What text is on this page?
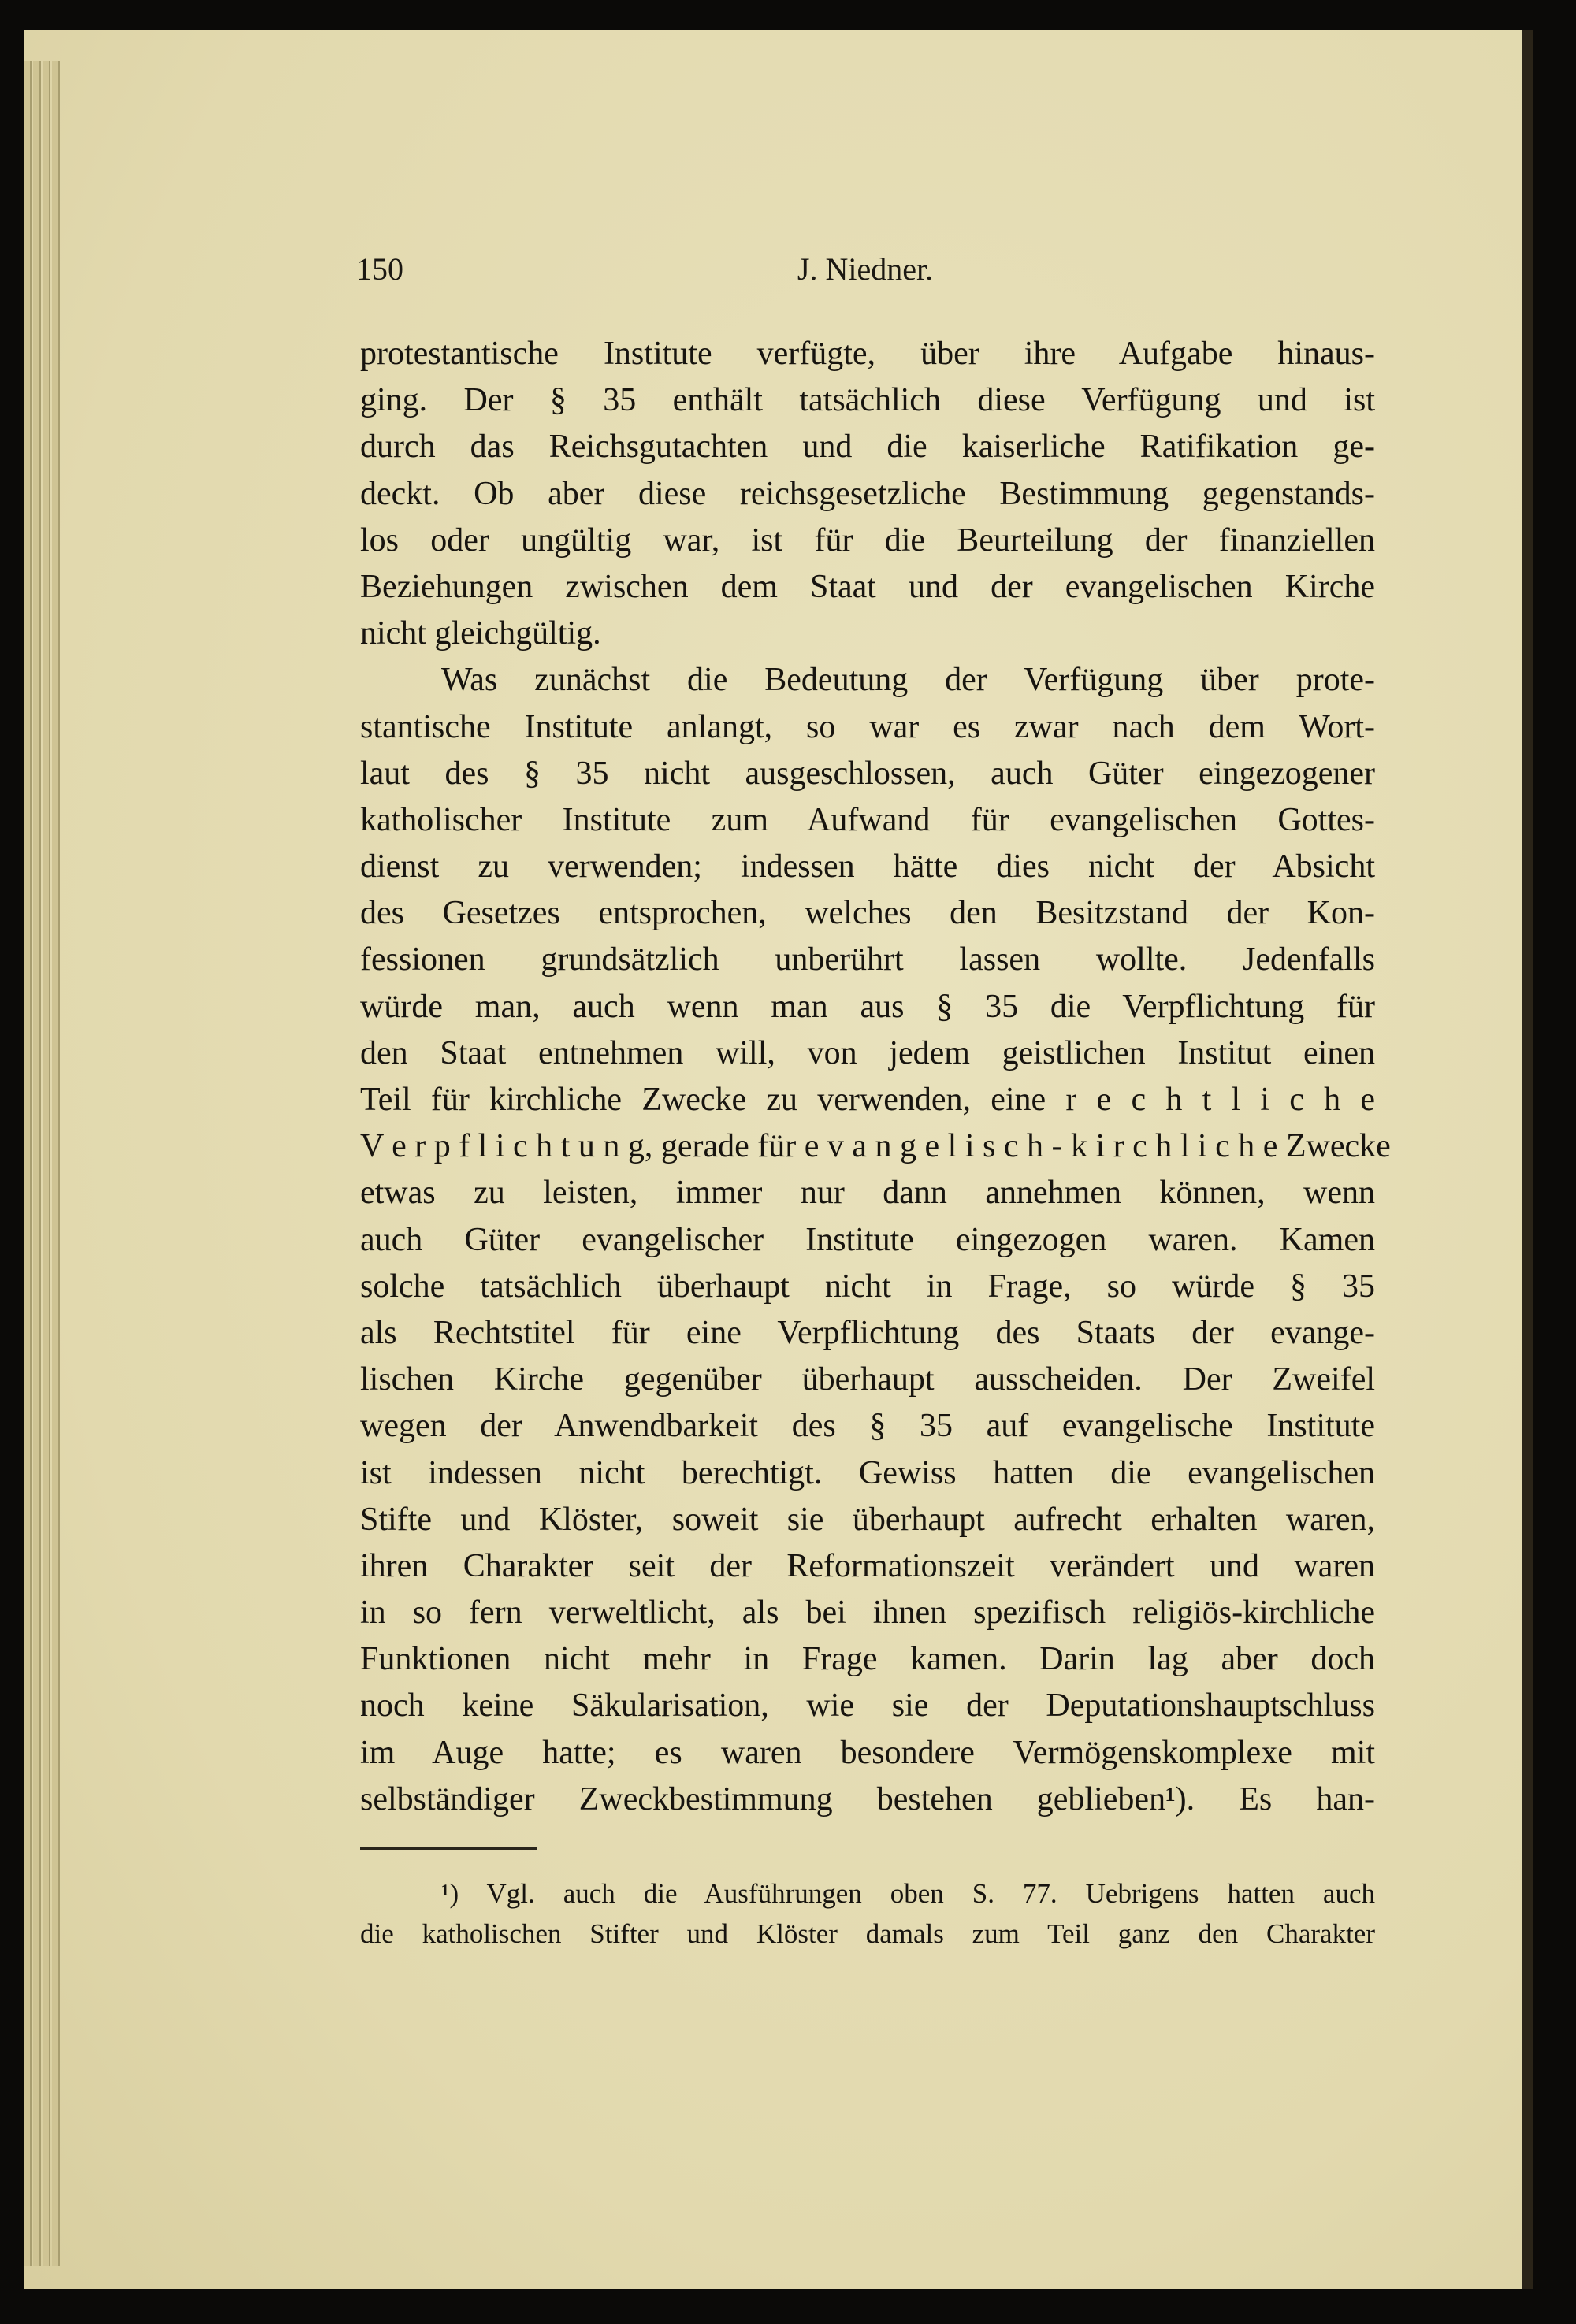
150	J. Niedner.
protestantische Institute verfügte, über ihre Aufgabe hinaus-
ging. Der § 35 enthält tatsächlich diese Verfügung und ist
durch das Reichsgutachten und die kaiserliche Ratifikation ge-
deckt. Ob aber diese reichsgesetzliche Bestimmung gegenstands-
los oder ungültig war, ist für die Beurteilung der finanziellen
Beziehungen zwischen dem Staat und der evangelischen Kirche
nicht gleichgültig.
Was zunächst die Bedeutung der Verfügung über prote-
stantische Institute anlangt, so war es zwar nach dem Wort-
laut des § 35 nicht ausgeschlossen, auch Güter eingezogener
katholischer Institute zum Aufwand für evangelischen Gottes-
dienst zu verwenden; indessen hätte dies nicht der Absicht
des Gesetzes entsprochen, welches den Besitzstand der Kon-
fessionen grundsätzlich unberührt lassen wollte. Jedenfalls
würde man, auch wenn man aus § 35 die Verpflichtung für
den Staat entnehmen will, von jedem geistlichen Institut einen
Teil für kirchliche Zwecke zu verwenden, eine r e c h t l i c h e
V e r p f l i c h t u n g, gerade für e v a n g e l i s c h - k i r c h l i c h e Zwecke
etwas zu leisten, immer nur dann annehmen können, wenn
auch Güter evangelischer Institute eingezogen waren. Kamen
solche tatsächlich überhaupt nicht in Frage, so würde § 35
als Rechtstitel für eine Verpflichtung des Staats der evange-
lischen Kirche gegenüber überhaupt ausscheiden. Der Zweifel
wegen der Anwendbarkeit des § 35 auf evangelische Institute
ist indessen nicht berechtigt. Gewiss hatten die evangelischen
Stifte und Klöster, soweit sie überhaupt aufrecht erhalten waren,
ihren Charakter seit der Reformationszeit verändert und waren
in so fern verweltlicht, als bei ihnen spezifisch religiös-kirchliche
Funktionen nicht mehr in Frage kamen. Darin lag aber doch
noch keine Säkularisation, wie sie der Deputationshauptschluss
im Auge hatte; es waren besondere Vermögenskomplexe mit
selbständiger Zweckbestimmung bestehen geblieben¹). Es han-
¹) Vgl. auch die Ausführungen oben S. 77. Uebrigens hatten auch
die katholischen Stifter und Klöster damals zum Teil ganz den Charakter
